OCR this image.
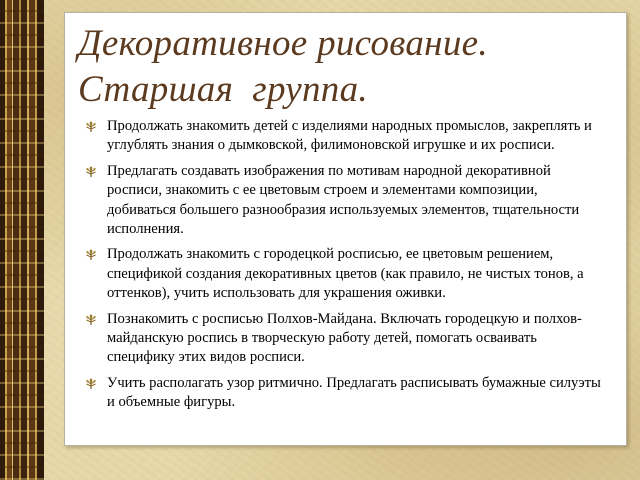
Декоративное рисование.
Старшая  группа.
Продолжать знакомить детей с изделиями народных промыслов, закреплять и углублять знания о дымковской, филимоновской игрушке и их росписи.
Предлагать создавать изображения по мотивам народной декоративной росписи, знакомить с ее цветовым строем и элементами композиции, добиваться большего разнообразия используемых элементов, тщательности исполнения.
Продолжать знакомить с городецкой росписью, ее цветовым решением, спецификой создания декоративных цветов (как правило, не чистых тонов, а оттенков), учить использовать для украшения оживки.
Познакомить с росписью Полхов-Майдана. Включать городецкую и полхов-майданскую роспись в творческую работу детей, помогать осваивать специфику этих видов росписи.
Учить располагать узор ритмично. Предлагать расписывать бумажные силуэты и объемные фигуры.
